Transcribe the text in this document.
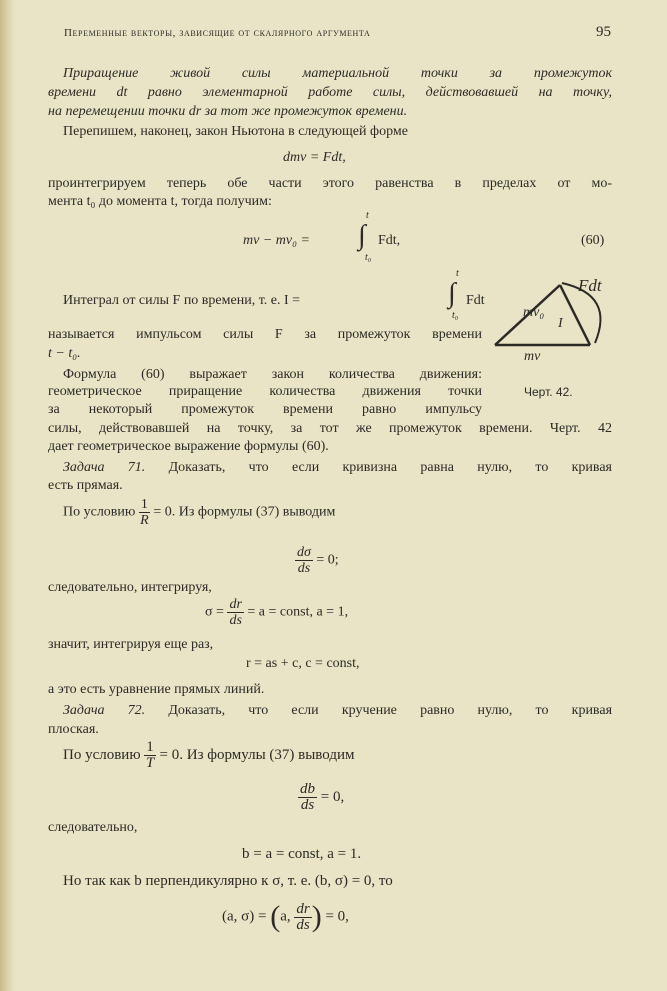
Переменные векторы, зависящие от скалярного аргумента	95
Приращение живой силы материальной точки за промежуток
времени dt равно элементарной работе силы, действовавшей на точку,
на перемещении точки dr за тот же промежуток времени.
Перепишем, наконец, закон Ньютона в следующей форме
dmv = Fdt,
проинтегрируем теперь обе части этого равенства в пределах от мо-
мента t₀ до момента t, тогда получим:
t
mv − mv₀ = ∫ Fdt,
t₀
(60)
Интеграл от силы F по времени, т. е. I =
t
∫ Fdt
t₀
называется импульсом силы F за промежуток времени
t − t₀.
Формула (60) выражает закон количества движения:
геометрическое приращение количества движения точки
за некоторый промежуток времени равно импульсу
силы, действовавшей на точку, за тот же промежуток времени. Черт. 42
дает геометрическое выражение формулы (60).
mv₀
Fdt
I
mv
Черт. 42.
Задача 71. Доказать, что если кривизна равна нулю, то кривая
есть прямая.
По условию $\frac{1}{R} = 0$. Из формулы (37) выводим
$\frac{d\sigma}{ds} = 0$;
следовательно, интегрируя,
$\sigma = \frac{dr}{ds} = a$ = const, a = 1,
значит, интегрируя еще раз,
r = as + c, c = const,
а это есть уравнение прямых линий.
Задача 72. Доказать, что если кручение равно нулю, то кривая
плоская.
По условию $\frac{1}{T} = 0$. Из формулы (37) выводим
$\frac{db}{ds} = 0$,
следовательно,
b = a = const, a = 1.
Но так как b перпендикулярно к σ, т. е. (b, σ) = 0, то
(a, σ) = (a, $\frac{dr}{ds}$ ) = 0,
